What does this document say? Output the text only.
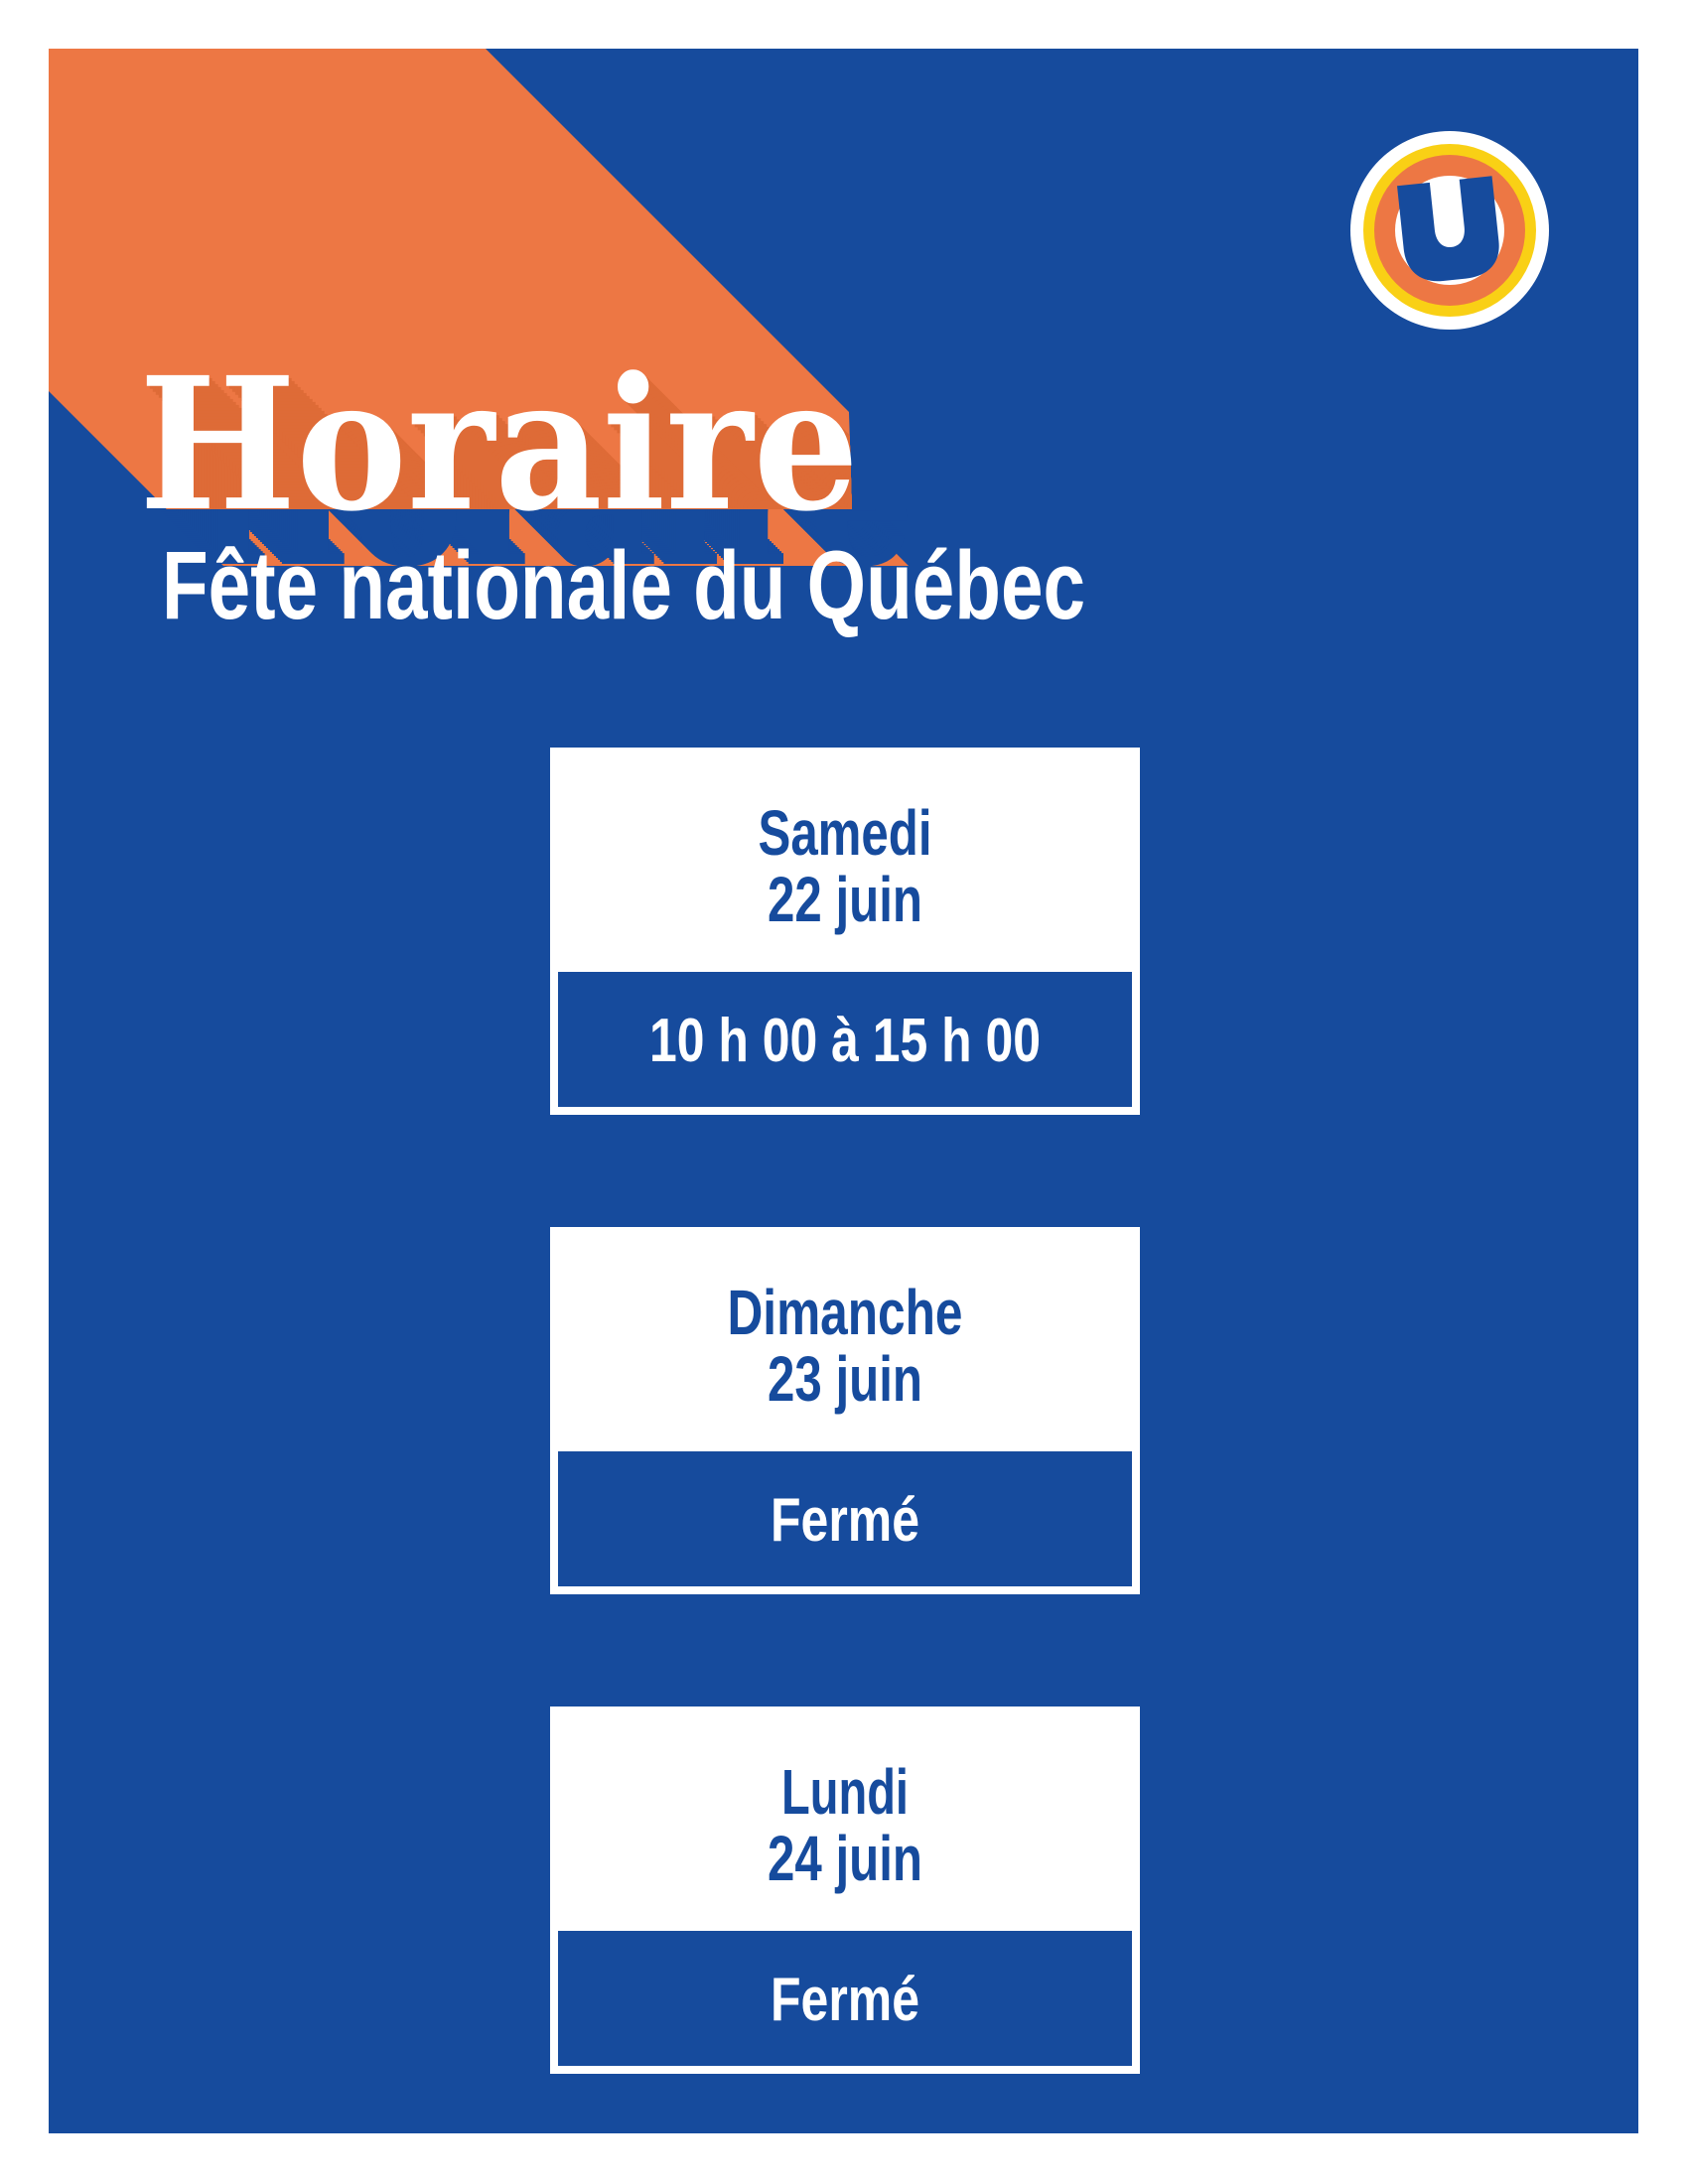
Fête nationale du Québec
Samedi
22 juin
10 h 00 à 15 h 00
Dimanche
23 juin
Fermé
Lundi
24 juin
Fermé
